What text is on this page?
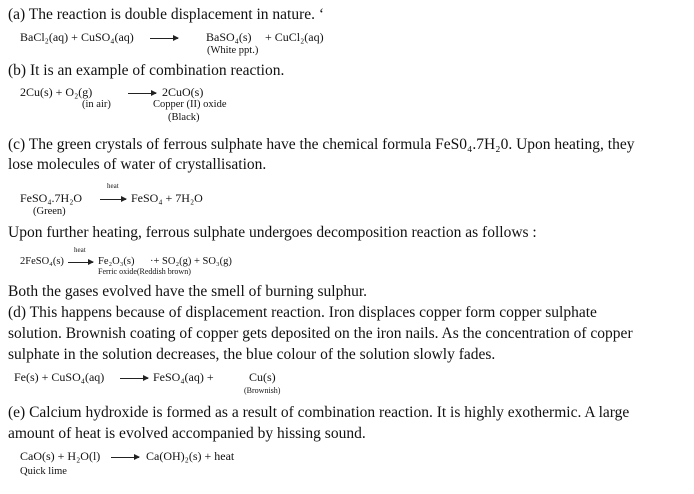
(a) The reaction is double displacement in nature. ‘
BaCl₂(aq) + CuSO₄(aq)	BaSO₄(s) + CuCl₂(aq)
(White ppt.)
(b) It is an example of combination reaction.
2Cu(s) + O₂(g)	2CuO(s)
(in air)	Copper (II) oxide
(Black)
(c) The green crystals of ferrous sulphate have the chemical formula FeS0₄.7H₂0. Upon heating, they
lose molecules of water of crystallisation.
heat
FeSO₄.7H₂O	FeSO₄ + 7H₂O
(Green)
Upon further heating, ferrous sulphate undergoes decomposition reaction as follows :
heat
2FeSO₄(s)	Fe₂O₃(s) ·+ SO₂(g) + SO₃(g)
Ferric oxide(Reddish brown)
Both the gases evolved have the smell of burning sulphur.
(d) This happens because of displacement reaction. Iron displaces copper form copper sulphate
solution. Brownish coating of copper gets deposited on the iron nails. As the concentration of copper
sulphate in the solution decreases, the blue colour of the solution slowly fades.
Fe(s) + CuSO₄(aq)	FeSO₄(aq) +	Cu(s)
(Brownish)
(e) Calcium hydroxide is formed as a result of combination reaction. It is highly exothermic. A large
amount of heat is evolved accompanied by hissing sound.
CaO(s) + H₂O(l)	Ca(OH)₂(s) + heat
Quick lime
